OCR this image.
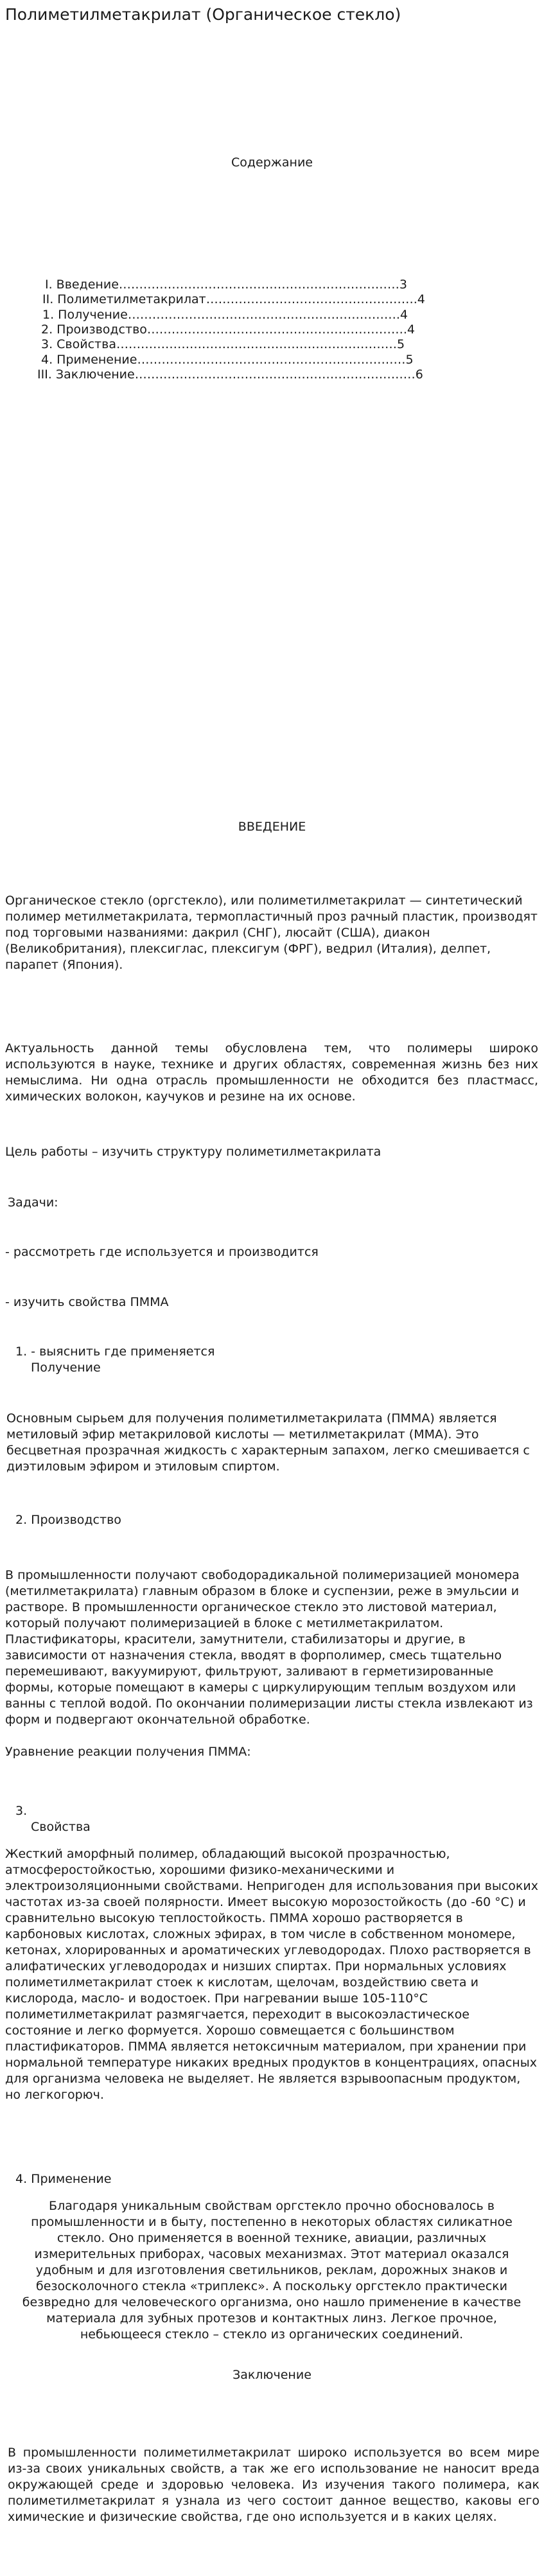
Полиметилметакрилат (Органическое стекло)
Содержание
I. Введение……………………………………………………………3
II. Полиметилметакрилат…………………………………………….4
1. Получение………………………………………………………….4
2. Производство……………………………………………………….4
3. Свойства……………………………………………………………5
4. Применение…………………………………………………………5
III. Заключение……………………………………………………………6
ВВЕДЕНИЕ

Органическое стекло (оргстекло), или полиметилметакрилат — синтетический полимер метилметакрилата, термопластичный проз рачный пластик, производят под торговыми названиями: дакрил (СНГ), люсайт (США), диакон (Великобритания), плексиглас, плексигум (ФРГ), ведрил (Италия), делпет, парапет (Япония).

Актуальность данной темы обусловлена тем, что полимеры широко используются в науке, технике и других областях, современная жизнь без них немыслима. Ни одна отрасль промышленности не обходится без пластмасс, химических волокон, каучуков и резине на их основе.

Цель работы – изучить структуру полиметилметакрилата

Задачи:

- рассмотреть где используется и производится

- изучить свойства ПММА

1. - выяснить где применяется

Получение

Основным сырьем для получения полиметилметакрилата (ПММА) является метиловый эфир метакриловой кислоты — метилметакрилат (ММА). Это бесцветная прозрачная жидкость с характерным запахом, легко смешивается с диэтиловым эфиром и этиловым спиртом.

2. Производство

В промышленности получают свободорадикальной полимеризацией мономера (метилметакрилата) главным образом в блоке и суспензии, реже в эмульсии и растворе. В промышленности органическое стекло это листовой материал, который получают полимеризацией в блоке с метилметакрилатом. Пластификаторы, красители, замутнители, стабилизаторы и другие, в зависимости от назначения стекла, вводят в форполимер, смесь тщательно перемешивают, вакуумируют, фильтруют, заливают в герметизированные формы, которые помещают в камеры с циркулирующим теплым воздухом или ванны с теплой водой. По окончании полимеризации листы стекла извлекают из форм и подвергают окончательной обработке.

Уравнение реакции получения ПММА:

3.

Свойства

Жесткий аморфный полимер, обладающий высокой прозрачностью, атмосферостойкостью, хорошими физико-механическими и электроизоляционными свойствами. Непригоден для использования при высоких частотах из-за своей полярности. Имеет высокую морозостойкость (до -60 °С) и сравнительно высокую теплостойкость. ПММА хорошо растворяется в карбоновых кислотах, сложных эфирах, в том числе в собственном мономере, кетонах, хлорированных и ароматических углеводородах. Плохо растворяется в алифатических углеводородах и низших спиртах. При нормальных условиях полиметилметакрилат стоек к кислотам, щелочам, воздействию света и кислорода, масло- и водостоек. При нагревании выше 105-110°С полиметилметакрилат размягчается, переходит в высокоэластическое состояние и легко формуется. Хорошо совмещается с большинством пластификаторов. ПММА является нетоксичным материалом, при хранении при нормальной температуре никаких вредных продуктов в концентрациях, опасных для организма человека не выделяет. Не является взрывоопасным продуктом, но легкогорюч.

4. Применение

Благодаря уникальным свойствам оргстекло прочно обосновалось в промышленности и в быту, постепенно в некоторых областях силикатное стекло. Оно применяется в военной технике, авиации, различных измерительных приборах, часовых механизмах. Этот материал оказался удобным и для изготовления светильников, реклам, дорожных знаков и безосколочного стекла «триплекс». А поскольку оргстекло практически безвредно для человеческого организма, оно нашло применение в качестве материала для зубных протезов и контактных линз. Легкое прочное, небьющееся стекло – стекло из органических соединений.

Заключение

В промышленности полиметилметакрилат широко используется во всем мире из-за своих уникальных свойств, а так же его использование не наносит вреда окружающей среде и здоровью человека. Из изучения такого полимера, как полиметилметакрилат я узнала из чего состоит данное вещество, каковы его химические и физические свойства, где оно используется и в каких целях.
